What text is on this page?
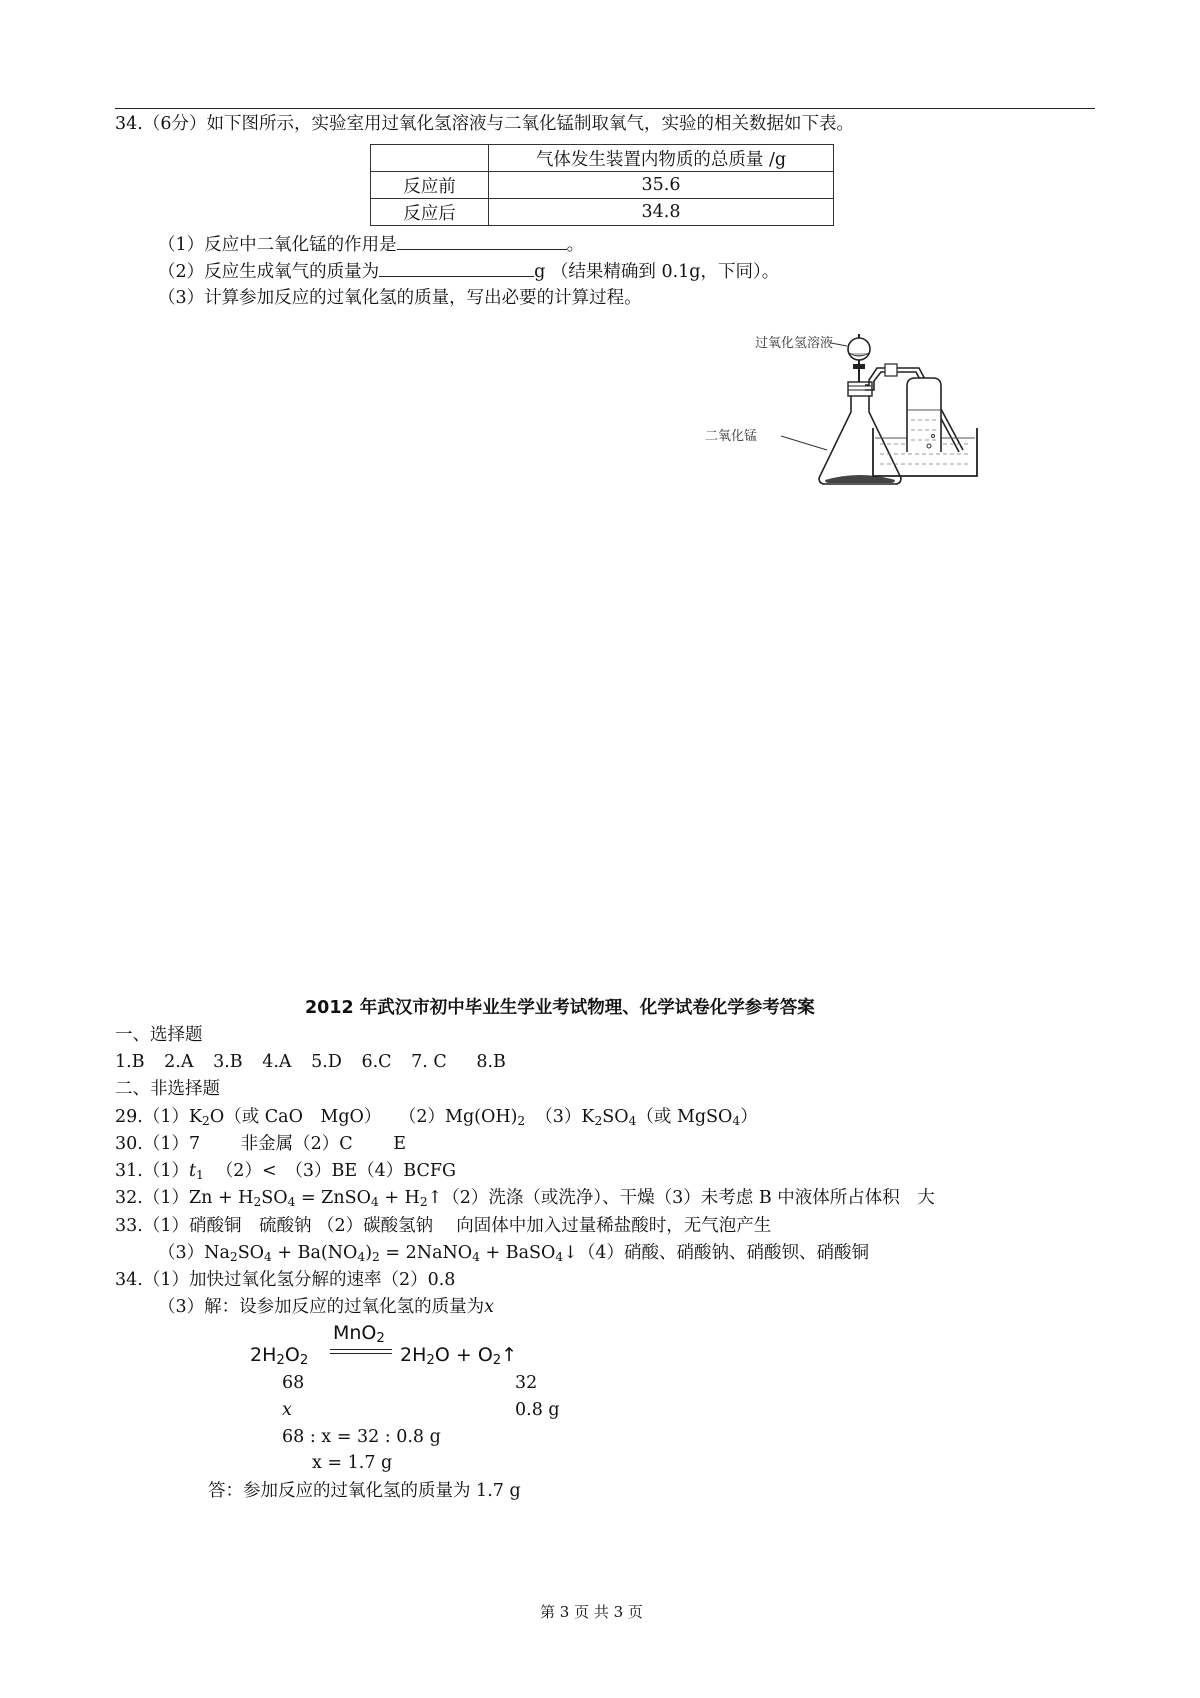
34.（6分）如下图所示，实验室用过氧化氢溶液与二氧化锰制取氧气，实验的相关数据如下表。
	气体发生装置内物质的总质量 /g
反应前	35.6
反应后	34.8
（1）反应中二氧化锰的作用是	。
（2）反应生成氧气的质量为	g （结果精确到 0.1g，下同）。
（3）计算参加反应的过氧化氢的质量，写出必要的计算过程。
过氧化氢溶液
二氧化锰
2012 年武汉市初中毕业生学业考试物理、化学试卷化学参考答案
一、选择题
1.B 2.A 3.B 4.A 5.D 6.C 7. C 8.B
二、非选择题
$29.(1)K_2O$（或 CaO　MgO）　　$(2)Mg(OH)_2$ $(3)K_2SO_4$（或 MgSO$_4$）
30.（1）7　　 非金属（2）C　　 E
$31.(1)t_1$ （2）<　（3）BE（4）BCFG
$32.(1)Zn + H_2SO_4$ = ZnSO$_4$ + $H_2↑(2)$洗涤（或洗净）、干燥（3）未考虑 B 中液体所占体积　大
33.（1）硝酸铜　硫酸钠 （2）碳酸氢钠　 向固体中加入过量稀盐酸时，无气泡产生
$(3)Na_2SO_4 + Ba(NO_4)_2$ = 2NaNO$_4$ + BaSO$_4$↓（4）硝酸、硝酸钠、硝酸钡、硝酸铜
34.（1）加快过氧化氢分解的速率（2）0.8
（3）解：设参加反应的过氧化氢的质量为x
$2H_2O_2$
MnO$_2$
$2H_2O$ + $O_2↑$
68	32
x	0.8 g
68 : x = 32 : 0.8 g
x = 1.7 g
答：参加反应的过氧化氢的质量为 1.7 g
第 3 页 共 3 页
